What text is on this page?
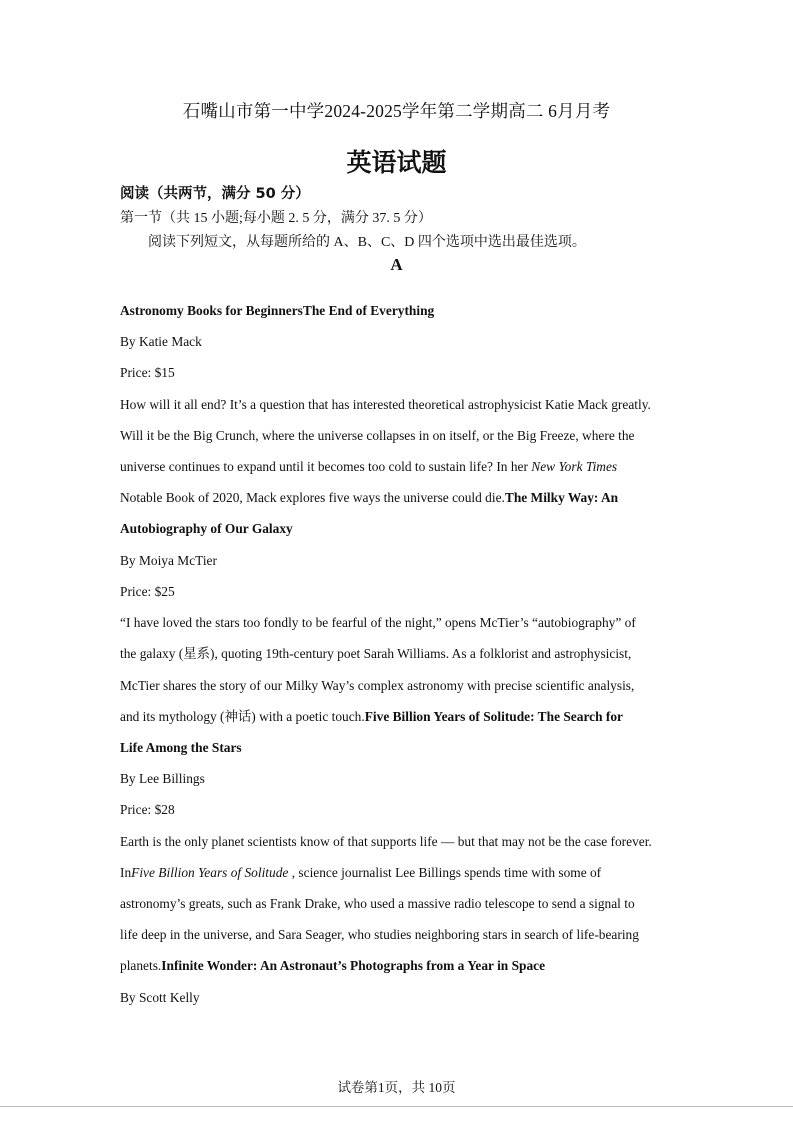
石嘴山市第一中学2024-2025学年第二学期高二 6月月考
英语试题
阅读（共两节，满分 50 分）
第一节（共 15 小题;每小题 2. 5 分，满分 37. 5 分）
阅读下列短文，从每题所给的 A、B、C、D 四个选项中选出最佳选项。
A
Astronomy Books for BeginnersThe End of Everything
By Katie Mack
Price: $15
How will it all end? It’s a question that has interested theoretical astrophysicist Katie Mack greatly.
Will it be the Big Crunch, where the universe collapses in on itself, or the Big Freeze, where the
universe continues to expand until it becomes too cold to sustain life? In her New York Times
Notable Book of 2020, Mack explores five ways the universe could die.The Milky Way: An
Autobiography of Our Galaxy
By Moiya McTier
Price: $25
“I have loved the stars too fondly to be fearful of the night,” opens McTier’s “autobiography” of
the galaxy (星系), quoting 19th-century poet Sarah Williams. As a folklorist and astrophysicist,
McTier shares the story of our Milky Way’s complex astronomy with precise scientific analysis,
and its mythology (神话) with a poetic touch.Five Billion Years of Solitude: The Search for
Life Among the Stars
By Lee Billings
Price: $28
Earth is the only planet scientists know of that supports life — but that may not be the case forever.
InFive Billion Years of Solitude , science journalist Lee Billings spends time with some of
astronomy’s greats, such as Frank Drake, who used a massive radio telescope to send a signal to
life deep in the universe, and Sara Seager, who studies neighboring stars in search of life-bearing
planets.Infinite Wonder: An Astronaut’s Photographs from a Year in Space
By Scott Kelly
试卷第1页，共 10页
